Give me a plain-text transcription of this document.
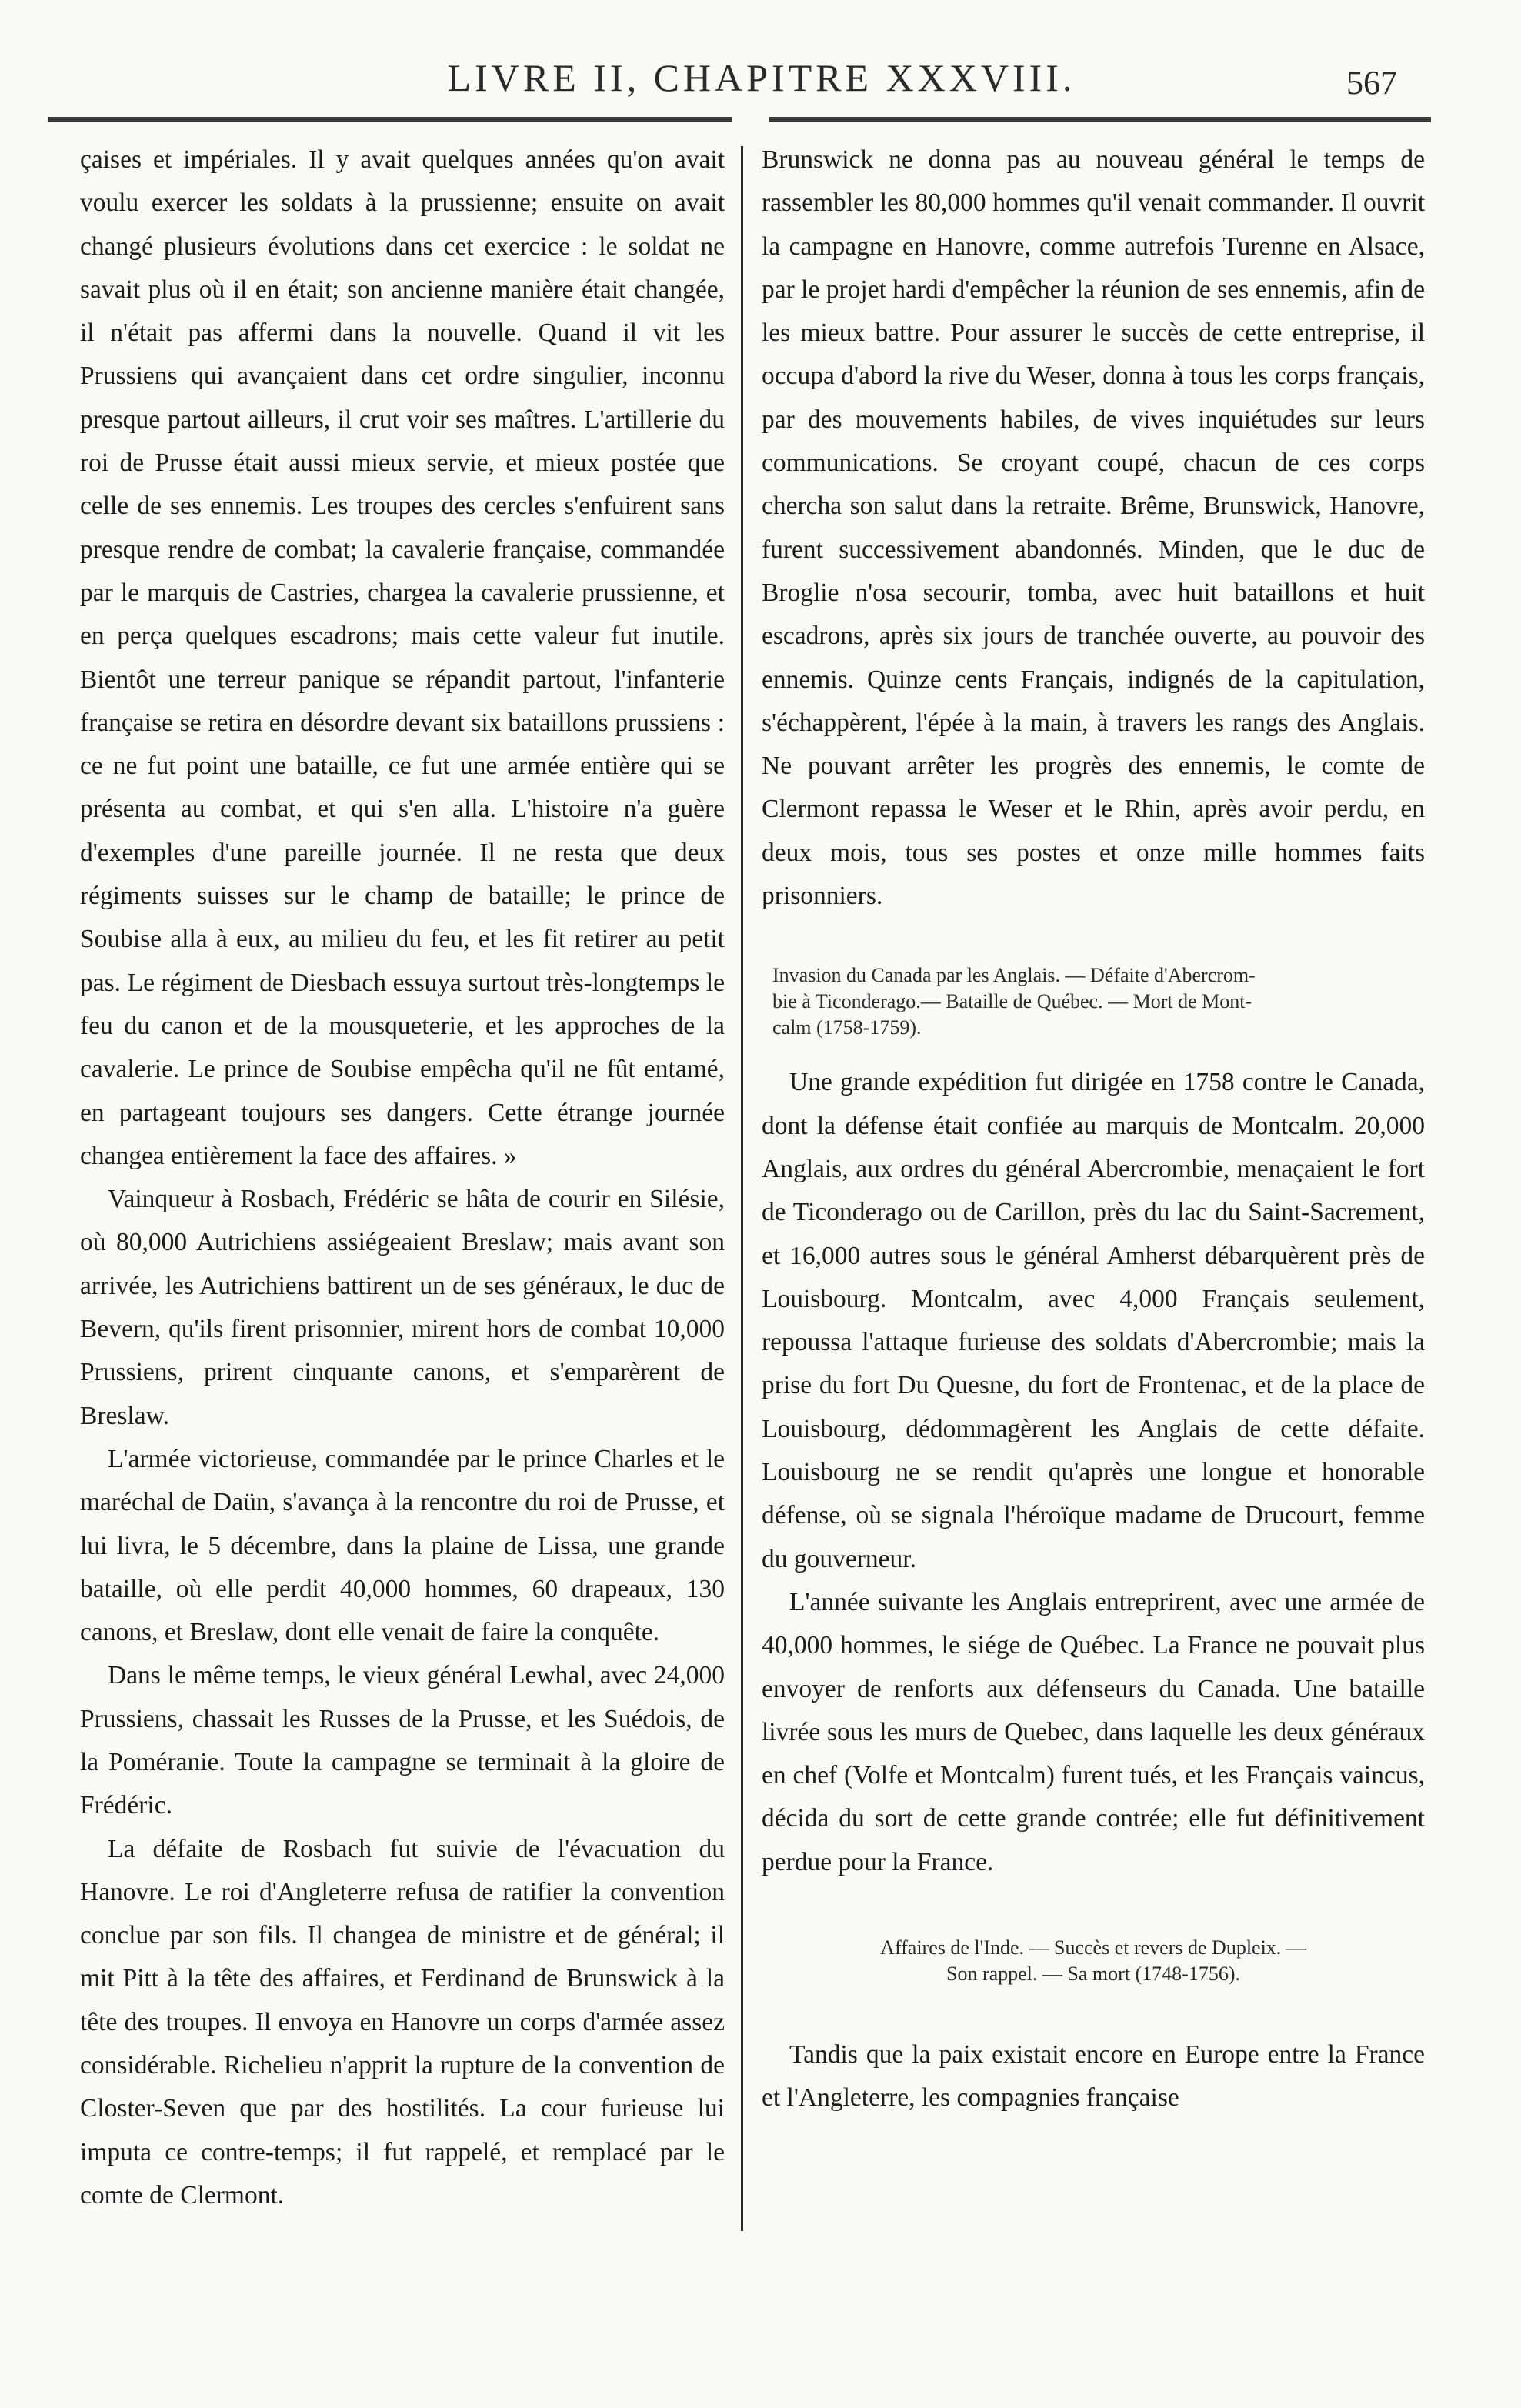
LIVRE II, CHAPITRE XXXVIII.	567

çaises et impériales. Il y avait quelques années qu'on avait voulu exercer les soldats à la prussienne; ensuite on avait changé plusieurs évolutions dans cet exercice : le soldat ne savait plus où il en était; son ancienne manière était changée, il n'était pas affermi dans la nouvelle. Quand il vit les Prussiens qui avançaient dans cet ordre singulier, inconnu presque partout ailleurs, il crut voir ses maîtres. L'artillerie du roi de Prusse était aussi mieux servie, et mieux postée que celle de ses ennemis. Les troupes des cercles s'enfuirent sans presque rendre de combat; la cavalerie française, commandée par le marquis de Castries, chargea la cavalerie prussienne, et en perça quelques escadrons; mais cette valeur fut inutile. Bientôt une terreur panique se répandit partout, l'infanterie française se retira en désordre devant six bataillons prussiens : ce ne fut point une bataille, ce fut une armée entière qui se présenta au combat, et qui s'en alla. L'histoire n'a guère d'exemples d'une pareille journée. Il ne resta que deux régiments suisses sur le champ de bataille; le prince de Soubise alla à eux, au milieu du feu, et les fit retirer au petit pas. Le régiment de Diesbach essuya surtout très-longtemps le feu du canon et de la mousqueterie, et les approches de la cavalerie. Le prince de Soubise empêcha qu'il ne fût entamé, en partageant toujours ses dangers. Cette étrange journée changea entièrement la face des affaires. »

Vainqueur à Rosbach, Frédéric se hâta de courir en Silésie, où 80,000 Autrichiens assiégeaient Breslaw; mais avant son arrivée, les Autrichiens battirent un de ses généraux, le duc de Bevern, qu'ils firent prisonnier, mirent hors de combat 10,000 Prussiens, prirent cinquante canons, et s'emparèrent de Breslaw.

L'armée victorieuse, commandée par le prince Charles et le maréchal de Daün, s'avança à la rencontre du roi de Prusse, et lui livra, le 5 décembre, dans la plaine de Lissa, une grande bataille, où elle perdit 40,000 hommes, 60 drapeaux, 130 canons, et Breslaw, dont elle venait de faire la conquête.

Dans le même temps, le vieux général Lewhal, avec 24,000 Prussiens, chassait les Russes de la Prusse, et les Suédois, de la Poméranie. Toute la campagne se terminait à la gloire de Frédéric.

La défaite de Rosbach fut suivie de l'évacuation du Hanovre. Le roi d'Angleterre refusa de ratifier la convention conclue par son fils. Il changea de ministre et de général; il mit Pitt à la tête des affaires, et Ferdinand de Brunswick à la tête des troupes. Il envoya en Hanovre un corps d'armée assez considérable. Richelieu n'apprit la rupture de la convention de Closter-Seven que par des hostilités. La cour furieuse lui imputa ce contre-temps; il fut rappelé, et remplacé par le comte de Clermont.

Brunswick ne donna pas au nouveau général le temps de rassembler les 80,000 hommes qu'il venait commander. Il ouvrit la campagne en Hanovre, comme autrefois Turenne en Alsace, par le projet hardi d'empêcher la réunion de ses ennemis, afin de les mieux battre. Pour assurer le succès de cette entreprise, il occupa d'abord la rive du Weser, donna à tous les corps français, par des mouvements habiles, de vives inquiétudes sur leurs communications. Se croyant coupé, chacun de ces corps chercha son salut dans la retraite. Brême, Brunswick, Hanovre, furent successivement abandonnés. Minden, que le duc de Broglie n'osa secourir, tomba, avec huit bataillons et huit escadrons, après six jours de tranchée ouverte, au pouvoir des ennemis. Quinze cents Français, indignés de la capitulation, s'échappèrent, l'épée à la main, à travers les rangs des Anglais. Ne pouvant arrêter les progrès des ennemis, le comte de Clermont repassa le Weser et le Rhin, après avoir perdu, en deux mois, tous ses postes et onze mille hommes faits prisonniers.

Invasion du Canada par les Anglais. — Défaite d'Abercrom-
bie à Ticonderago.— Bataille de Québec. — Mort de Mont-
calm (1758-1759).

Une grande expédition fut dirigée en 1758 contre le Canada, dont la défense était confiée au marquis de Montcalm. 20,000 Anglais, aux ordres du général Abercrombie, menaçaient le fort de Ticonderago ou de Carillon, près du lac du Saint-Sacrement, et 16,000 autres sous le général Amherst débarquèrent près de Louisbourg. Montcalm, avec 4,000 Français seulement, repoussa l'attaque furieuse des soldats d'Abercrombie; mais la prise du fort Du Quesne, du fort de Frontenac, et de la place de Louisbourg, dédommagèrent les Anglais de cette défaite. Louisbourg ne se rendit qu'après une longue et honorable défense, où se signala l'héroïque madame de Drucourt, femme du gouverneur.

L'année suivante les Anglais entreprirent, avec une armée de 40,000 hommes, le siége de Québec. La France ne pouvait plus envoyer de renforts aux défenseurs du Canada. Une bataille livrée sous les murs de Quebec, dans laquelle les deux généraux en chef (Volfe et Montcalm) furent tués, et les Français vaincus, décida du sort de cette grande contrée; elle fut définitivement perdue pour la France.

Affaires de l'Inde. — Succès et revers de Dupleix. —
Son rappel. — Sa mort (1748-1756).

Tandis que la paix existait encore en Europe entre la France et l'Angleterre, les compagnies française
